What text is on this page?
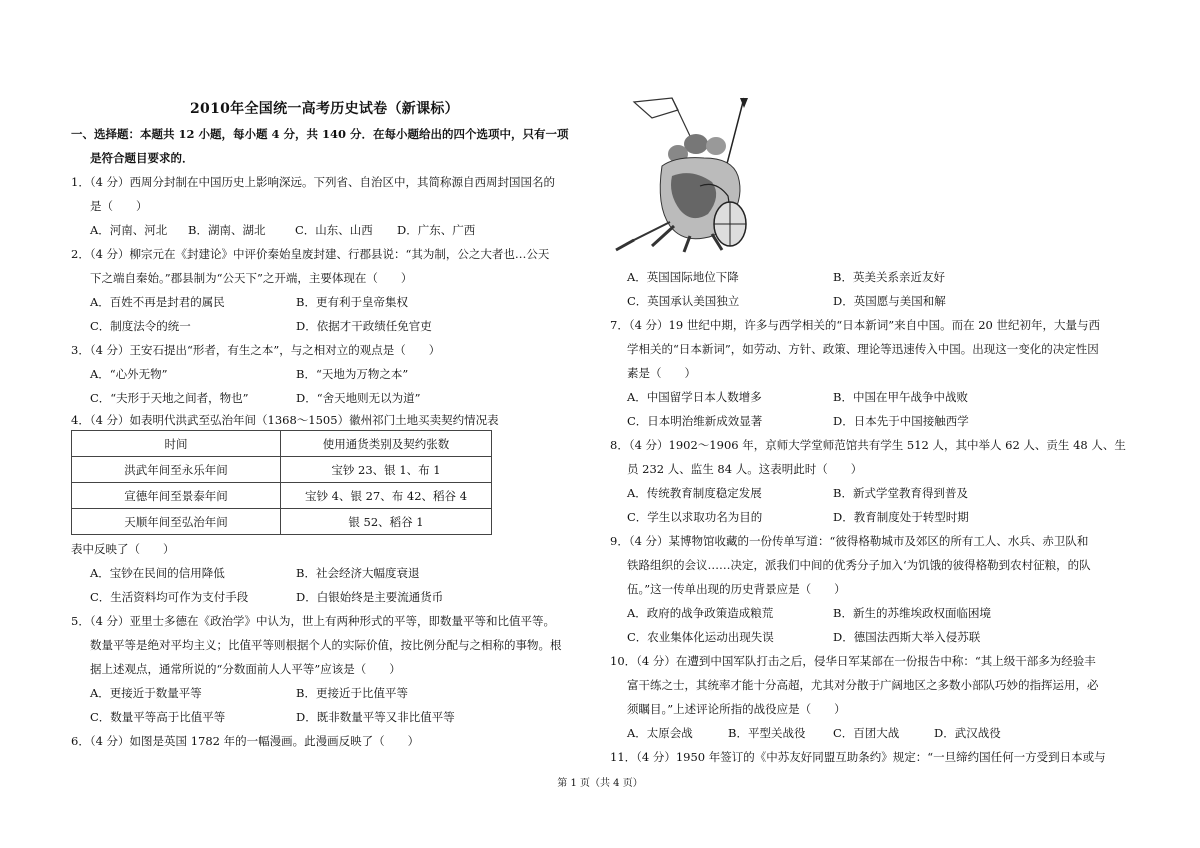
2010年全国统一高考历史试卷（新课标）
一、选择题：本题共 12 小题，每小题 4 分，共 140 分．在每小题给出的四个选项中，只有一项
是符合题目要求的．
1．（4 分）西周分封制在中国历史上影响深远。下列省、自治区中，其简称源自西周封国国名的
是（　　）
A．河南、河北 B．湖南、湖北	C．山东、山西 D．广东、广西
2．（4 分）柳宗元在《封建论》中评价秦始皇废封建、行郡县说：“其为制，公之大者也…公天
下之端自秦始。”郡县制为“公天下”之开端，主要体现在（　　）
A．百姓不再是封君的属民	B．更有利于皇帝集权
C．制度法令的统一	D．依据才干政绩任免官吏
3．（4 分）王安石提出“形者，有生之本”，与之相对立的观点是（　　）
A．“心外无物”	B．“天地为万物之本”
C．“夫形于天地之间者，物也”	D．“舍天地则无以为道”
4．（4 分）如表明代洪武至弘治年间（1368～1505）徽州祁门土地买卖契约情况表
时间	使用通货类别及契约张数
洪武年间至永乐年间	宝钞 23、银 1、布 1
宣德年间至景泰年间	宝钞 4、银 27、布 42、稻谷 4
天顺年间至弘治年间	银 52、稻谷 1
表中反映了（　　）
A．宝钞在民间的信用降低	B．社会经济大幅度衰退
C．生活资料均可作为支付手段	D．白银始终是主要流通货币
5．（4 分）亚里士多德在《政治学》中认为，世上有两种形式的平等，即数量平等和比值平等。
数量平等是绝对平均主义；比值平等则根据个人的实际价值，按比例分配与之相称的事物。根
据上述观点，通常所说的“分数面前人人平等”应该是（　　）
A．更接近于数量平等	B．更接近于比值平等
C．数量平等高于比值平等	D．既非数量平等又非比值平等
6．（4 分）如图是英国 1782 年的一幅漫画。此漫画反映了（　　）
A．英国国际地位下降	B．英美关系亲近友好
C．英国承认美国独立	D．英国愿与美国和解
7．（4 分）19 世纪中期，许多与西学相关的“日本新词”来自中国。而在 20 世纪初年，大量与西
学相关的“日本新词”，如劳动、方针、政策、理论等迅速传入中国。出现这一变化的决定性因
素是（　　）
A．中国留学日本人数增多	B．中国在甲午战争中战败
C．日本明治维新成效显著	D．日本先于中国接触西学
8．（4 分）1902～1906 年，京师大学堂师范馆共有学生 512 人，其中举人 62 人、贡生 48 人、生
员 232 人、监生 84 人。这表明此时（　　）
A．传统教育制度稳定发展	B．新式学堂教育得到普及
C．学生以求取功名为目的	D．教育制度处于转型时期
9．（4 分）某博物馆收藏的一份传单写道：“彼得格勒城市及郊区的所有工人、水兵、赤卫队和
铁路组织的会议……决定，派我们中间的优秀分子加入‘为饥饿的彼得格勒到农村征粮，的队
伍。”这一传单出现的历史背景应是（　　）
A．政府的战争政策造成粮荒	B．新生的苏维埃政权面临困境
C．农业集体化运动出现失误	D．德国法西斯大举入侵苏联
10．（4 分）在遭到中国军队打击之后，侵华日军某部在一份报告中称：“其上级干部多为经验丰
富干练之士，其统率才能十分高超，尤其对分散于广阔地区之多数小部队巧妙的指挥运用，必
须瞩目。”上述评论所指的战役应是（　　）
A．太原会战	B．平型关战役 C．百团大战	D．武汉战役
11．（4 分）1950 年签订的《中苏友好同盟互助条约》规定：“一旦缔约国任何一方受到日本或与
第 1 页（共 4 页）
